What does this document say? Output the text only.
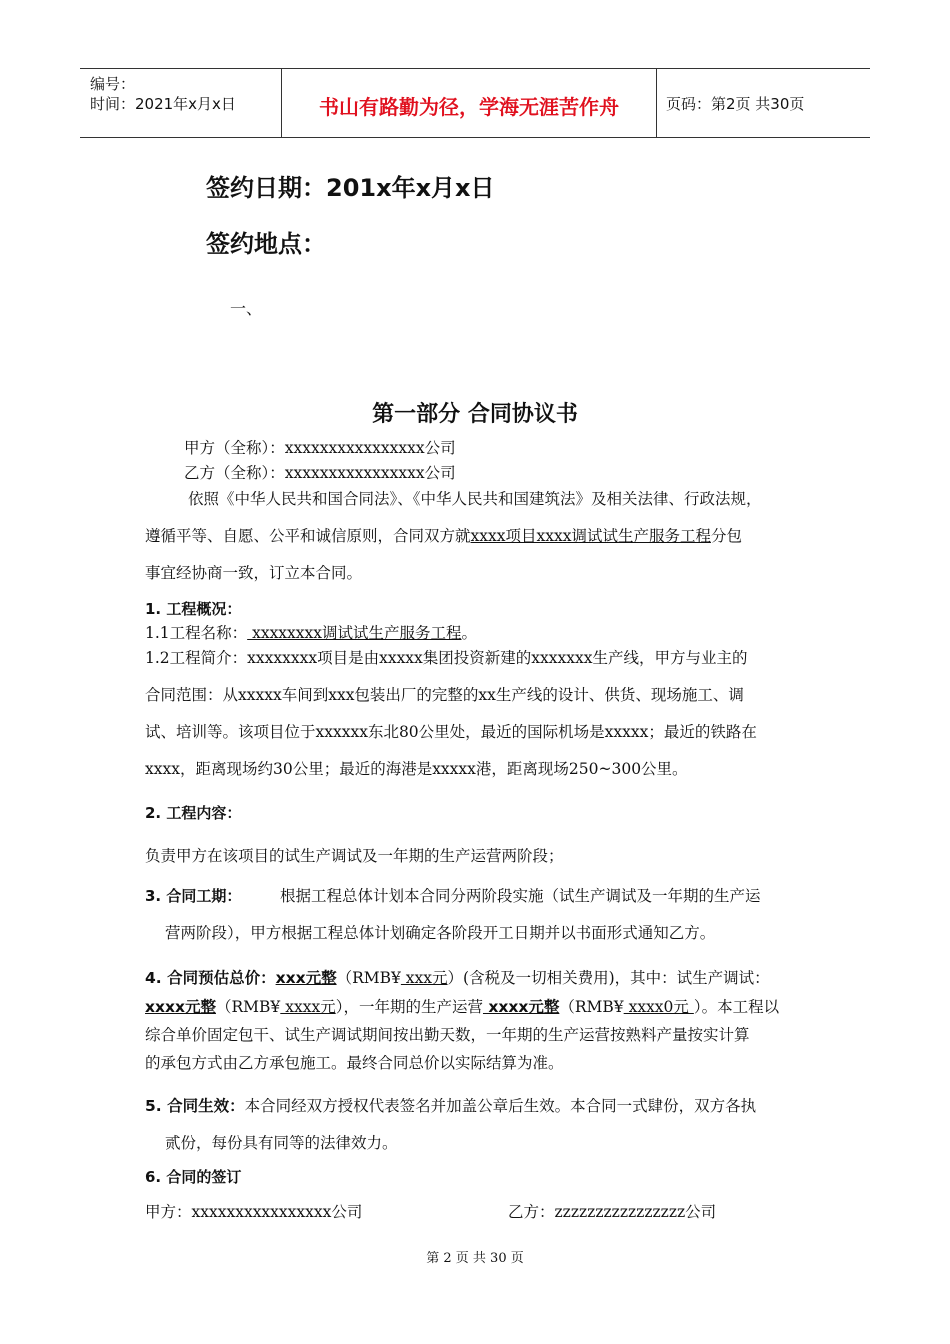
编号：
时间：2021年x月x日	书山有路勤为径，学海无涯苦作舟	页码：第2页 共30页
签约日期：201x年x月x日
签约地点：
一、
第一部分 合同协议书
甲方（全称）：xxxxxxxxxxxxxxxx公司
乙方（全称）：xxxxxxxxxxxxxxxx公司
依照《中华人民共和国合同法》、《中华人民共和国建筑法》及相关法律、行政法规，
遵循平等、自愿、公平和诚信原则，合同双方就xxxx项目xxxx调试试生产服务工程分包
事宜经协商一致，订立本合同。
1. 工程概况：
1.1工程名称： xxxxxxxx调试试生产服务工程。
1.2工程简介：xxxxxxxx项目是由xxxxx集团投资新建的xxxxxxx生产线，甲方与业主的
合同范围：从xxxxx车间到xxx包装出厂的完整的xx生产线的设计、供货、现场施工、调
试、培训等。该项目位于xxxxxx东北80公里处，最近的国际机场是xxxxx；最近的铁路在
xxxx，距离现场约30公里；最近的海港是xxxxx港，距离现场250~300公里。
2. 工程内容：
负责甲方在该项目的试生产调试及一年期的生产运营两阶段；
3. 合同工期： 根据工程总体计划本合同分两阶段实施（试生产调试及一年期的生产运
营两阶段），甲方根据工程总体计划确定各阶段开工日期并以书面形式通知乙方。
4. 合同预估总价：xxx元整（RMB¥ xxx元）(含税及一切相关费用)，其中：试生产调试：
xxxx元整（RMB¥ xxxx元），一年期的生产运营 xxxx元整（RMB¥ xxxx0元 ）。本工程以
综合单价固定包干、试生产调试期间按出勤天数，一年期的生产运营按熟料产量按实计算
的承包方式由乙方承包施工。最终合同总价以实际结算为准。
5. 合同生效：本合同经双方授权代表签名并加盖公章后生效。本合同一式肆份，双方各执
贰份，每份具有同等的法律效力。
6. 合同的签订
甲方：xxxxxxxxxxxxxxxx公司	乙方：zzzzzzzzzzzzzzzz公司
第 2 页 共 30 页
